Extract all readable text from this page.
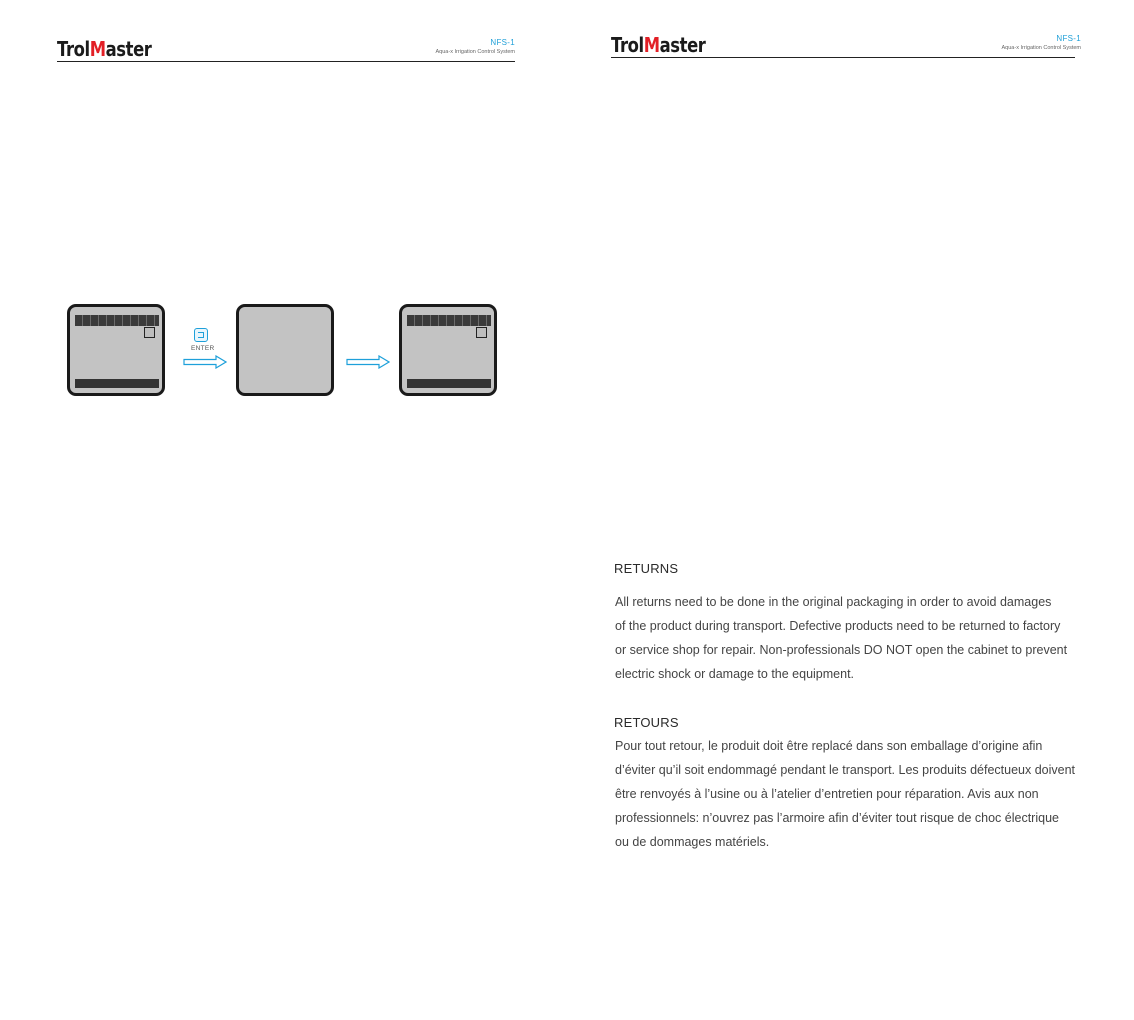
TrolMaster	NFS-1
Aqua-x Irrigation Control System
ENTER
TrolMaster	NFS-1
Aqua-x Irrigation Control System
RETURNS
All returns need to be done in the original packaging in order to avoid damages
of the product during transport. Defective products need to be returned to factory
or service shop for repair. Non-professionals DO NOT open the cabinet to prevent
electric shock or damage to the equipment.
RETOURS
Pour tout retour, le produit doit être replacé dans son emballage d’origine afin
d’éviter qu’il soit endommagé pendant le transport. Les produits défectueux doivent
être renvoyés à l’usine ou à l’atelier d’entretien pour réparation. Avis aux non
professionnels: n’ouvrez pas l’armoire afin d’éviter tout risque de choc électrique
ou de dommages matériels.
